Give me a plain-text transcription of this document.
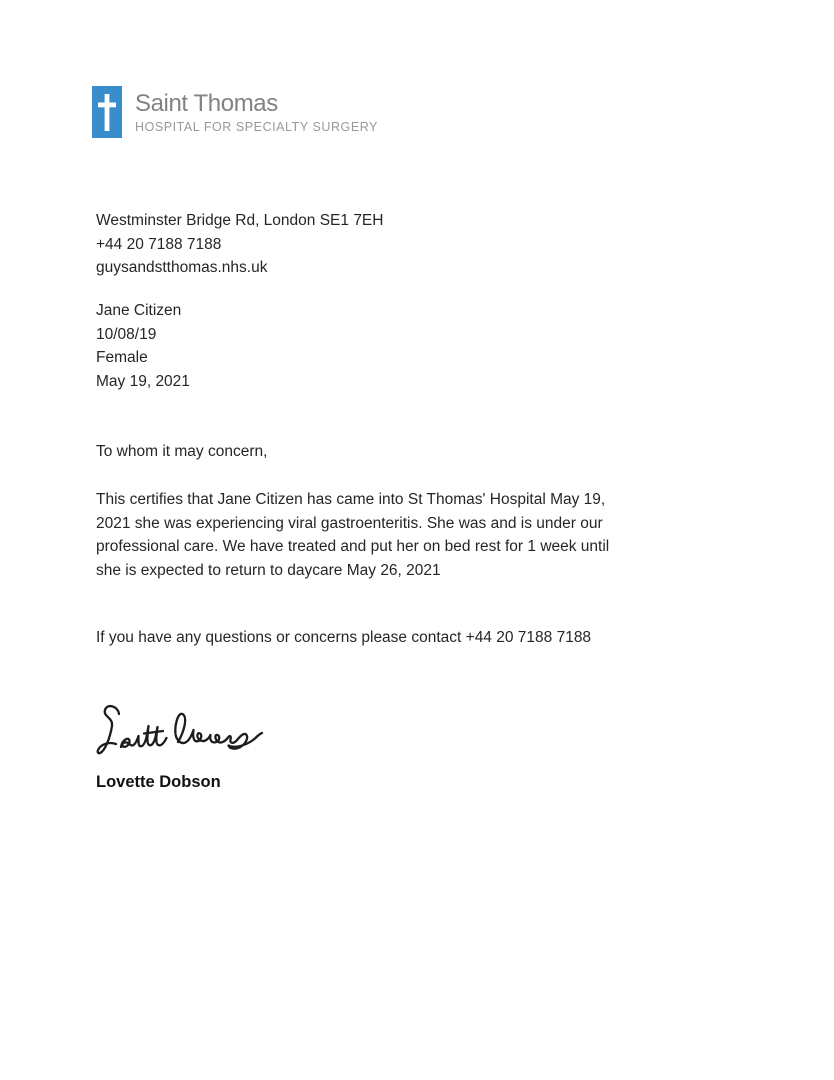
Saint Thomas
HOSPITAL FOR SPECIALTY SURGERY
Westminster Bridge Rd, London SE1 7EH
+44 20 7188 7188
guysandstthomas.nhs.uk
Jane Citizen
10/08/19
Female
May 19, 2021
To whom it may concern,
This certifies that Jane Citizen has came into St Thomas' Hospital May 19,
2021 she was experiencing viral gastroenteritis. She was and is under our
professional care. We have treated and put her on bed rest for 1 week until
she is expected to return to daycare May 26, 2021
If you have any questions or concerns please contact +44 20 7188 7188
Lovette Dobson
